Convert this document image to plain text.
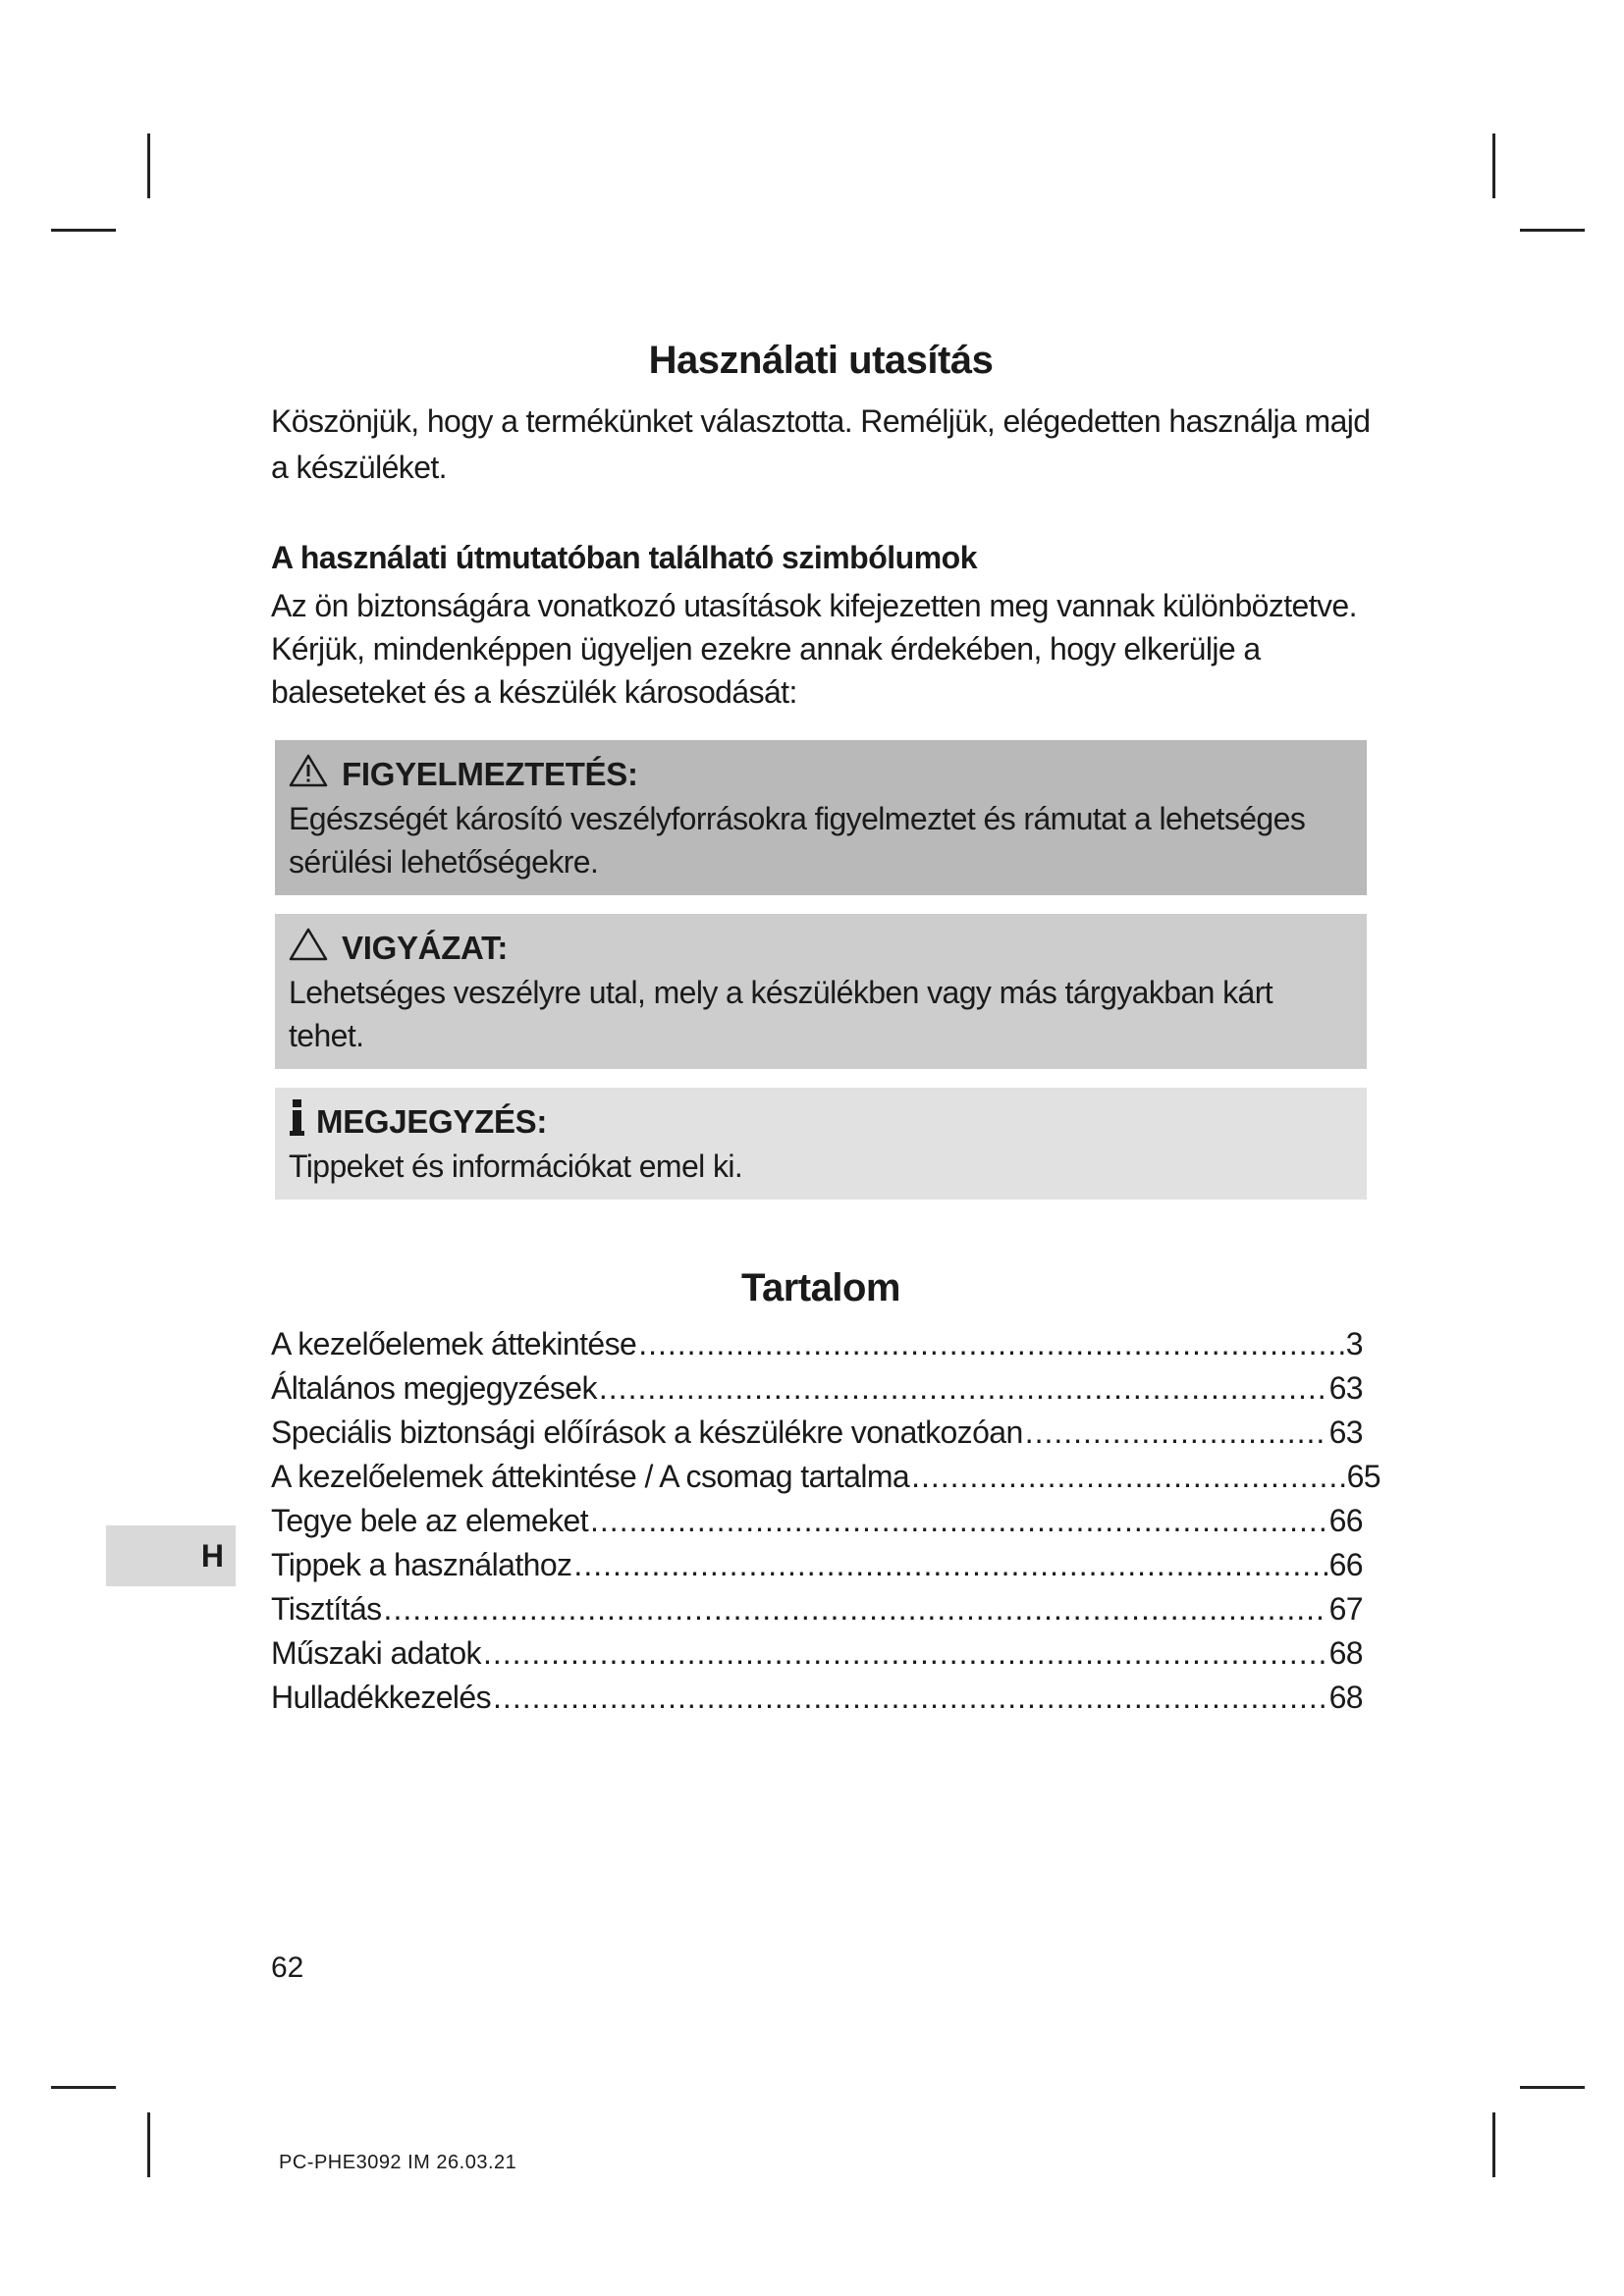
Használati utasítás

Köszönjük, hogy a termékünket választotta. Reméljük, elégedetten használja majd a készüléket.

A használati útmutatóban található szimbólumok

Az ön biztonságára vonatkozó utasítások kifejezetten meg vannak különböztetve.

Kérjük, mindenképpen ügyeljen ezekre annak érdekében, hogy elkerülje a baleseteket és a készülék károsodását:

FIGYELMEZTETÉS:
Egészségét károsító veszélyforrásokra figyelmeztet és rámutat a lehetséges sérülési lehetőségekre.
VIGYÁZAT:
Lehetséges veszélyre utal, mely a készülékben vagy más tárgyakban kárt tehet.
MEGJEGYZÉS:
Tippeket és információkat emel ki.
Tartalom
A kezelőelemek áttekintése .....	3
Általános megjegyzések .....	63
Speciális biztonsági előírások a készülékre vonatkozóan .....	63
A kezelőelemek áttekintése / A csomag tartalma .....	65
Tegye bele az elemeket .....	66
Tippek a használathoz .....	66
Tisztítás .....	67
Műszaki adatok .....	68
Hulladékkezelés .....	68
H
62
PC-PHE3092 IM 26.03.21
